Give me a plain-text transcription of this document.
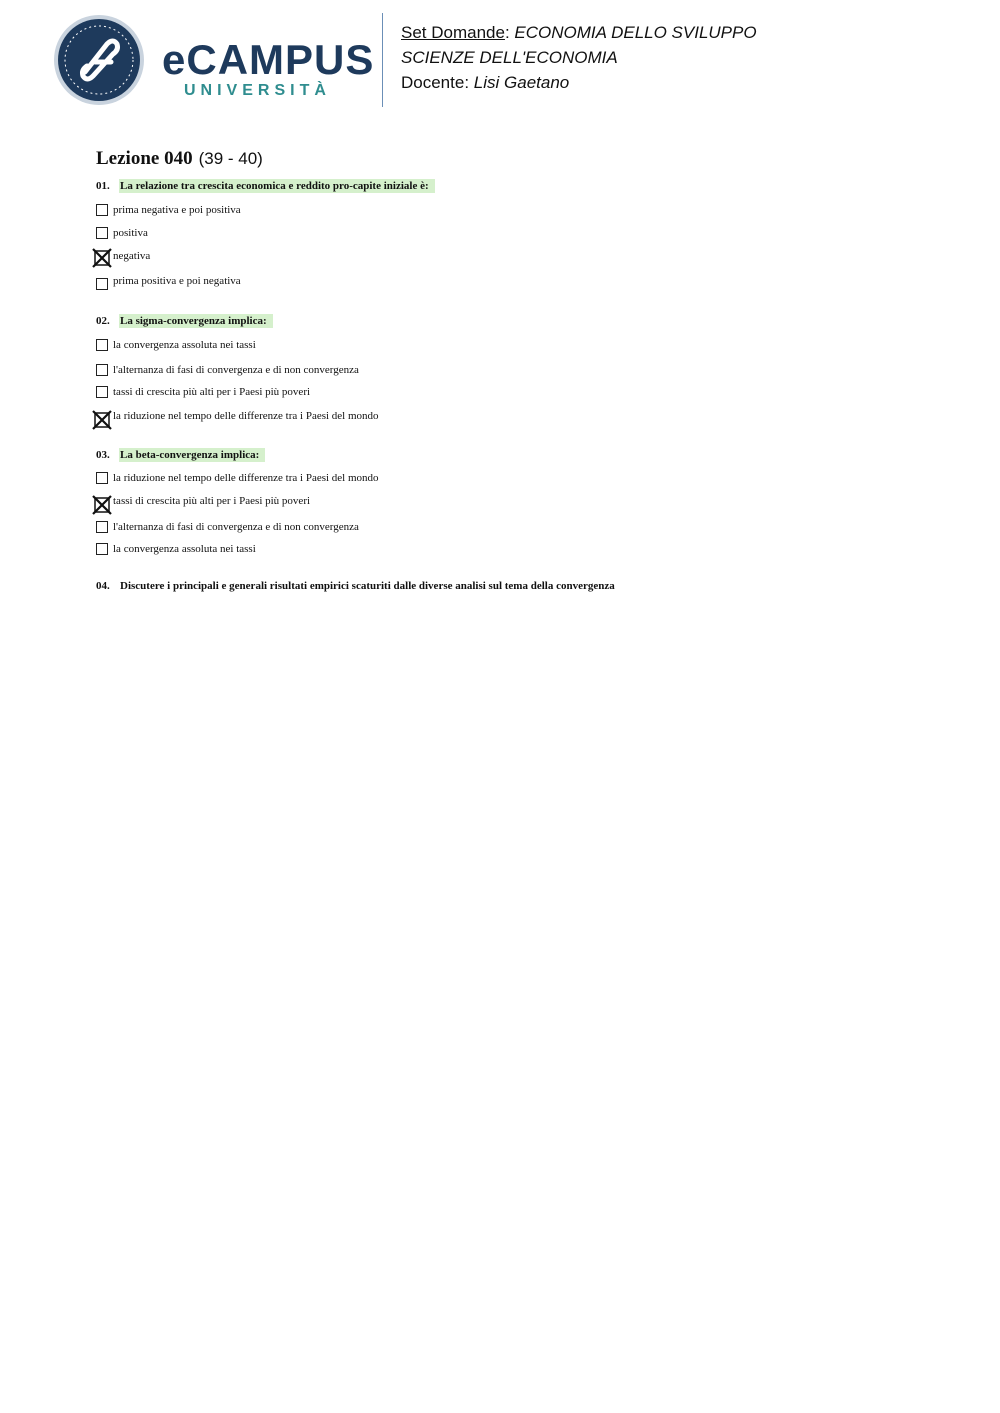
eCAMPUS
UNIVERSITÀ
Set Domande: ECONOMIA DELLO SVILUPPO
SCIENZE DELL'ECONOMIA
Docente: Lisi Gaetano
Lezione 040 (39 - 40)
01. La relazione tra crescita economica e reddito pro-capite iniziale è:
prima negativa e poi positiva
positiva
negativa
prima positiva e poi negativa
02. La sigma-convergenza implica:
la convergenza assoluta nei tassi
l'alternanza di fasi di convergenza e di non convergenza
tassi di crescita più alti per i Paesi più poveri
la riduzione nel tempo delle differenze tra i Paesi del mondo
03. La beta-convergenza implica:
la riduzione nel tempo delle differenze tra i Paesi del mondo
tassi di crescita più alti per i Paesi più poveri
l'alternanza di fasi di convergenza e di non convergenza
la convergenza assoluta nei tassi
04. Discutere i principali e generali risultati empirici scaturiti dalle diverse analisi sul tema della convergenza
